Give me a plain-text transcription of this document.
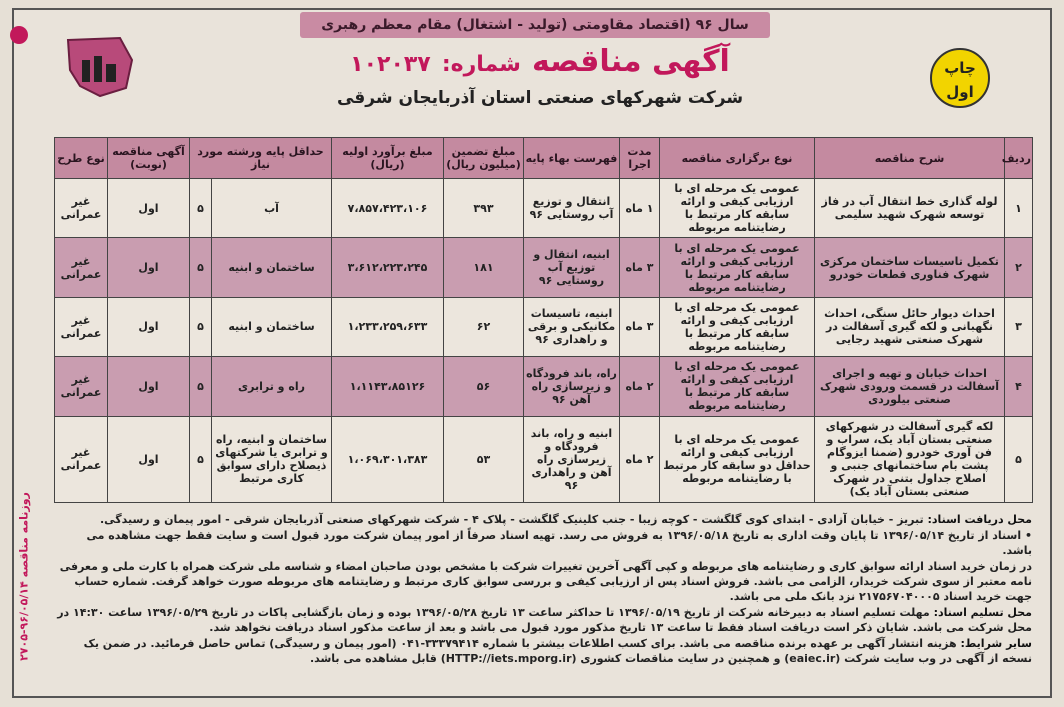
سال ۹۶ (اقتصاد مقاومتی (تولید - اشتغال) مقام معظم رهبری
آگهی مناقصه شماره: ۱۰۲۰۳۷
شرکت شهرکهای صنعتی استان آذربایجان شرقی
چاپ
اول
ردیف	شرح مناقصه	نوع برگزاری مناقصه	مدت اجرا	فهرست بهاء پایه	مبلغ تضمین (میلیون ریال)	مبلغ برآورد اولیه (ریال)	حداقل پایه ورشته مورد نیاز		آگهی مناقصه (نوبت)	نوع طرح
۱	لوله گذاری خط انتقال آب در فاز توسعه شهرک شهید سلیمی	عمومی یک مرحله ای با ارزیابی کیفی و ارائه سابقه کار مرتبط با رضایتنامه مربوطه	۱ ماه	انتقال و توزیع آب روستایی ۹۶	۳۹۳	۷،۸۵۷،۴۲۳،۱۰۶	آب	۵	اول	غیر عمرانی
۲	تکمیل تاسیسات ساختمان مرکزی شهرک فناوری قطعات خودرو	عمومی یک مرحله ای با ارزیابی کیفی و ارائه سابقه کار مرتبط با رضایتنامه مربوطه	۳ ماه	ابنیه، انتقال و توزیع آب روستایی ۹۶	۱۸۱	۳،۶۱۲،۲۲۳،۲۴۵	ساختمان و ابنیه	۵	اول	غیر عمرانی
۳	احداث دیوار حائل سنگی، احداث نگهبانی و لکه گیری آسفالت در شهرک صنعتی شهید رجایی	عمومی یک مرحله ای با ارزیابی کیفی و ارائه سابقه کار مرتبط با رضایتنامه مربوطه	۳ ماه	ابنیه، تاسیسات مکانیکی و برقی و راهداری ۹۶	۶۲	۱،۲۳۳،۲۵۹،۶۳۳	ساختمان و ابنیه	۵	اول	غیر عمرانی
۴	احداث خیابان و تهیه و اجرای آسفالت در قسمت ورودی شهرک صنعتی بیلوردی	عمومی یک مرحله ای با ارزیابی کیفی و ارائه سابقه کار مرتبط با رضایتنامه مربوطه	۲ ماه	راه، باند فرودگاه و زیرسازی راه آهن ۹۶	۵۶	۱،۱۱۴۳،۸۵۱۲۶	راه و ترابری	۵	اول	غیر عمرانی
۵	لکه گیری آسفالت در شهرکهای صنعتی بستان آباد یک، سراب و فن آوری خودرو (ضمنا ایزوگام پشت بام ساختمانهای جنبی و اصلاح جداول بتنی در شهرک صنعتی بستان آباد یک)	عمومی یک مرحله ای با ارزیابی کیفی و ارائه حداقل دو سابقه کار مرتبط با رضایتنامه مربوطه	۲ ماه	ابنیه و راه، باند فرودگاه و زیرسازی راه آهن و راهداری ۹۶	۵۳	۱،۰۶۹،۳۰۱،۳۸۳	ساختمان و ابنیه، راه و ترابری یا شرکتهای ذیصلاح دارای سوابق کاری مرتبط	۵	اول	غیر عمرانی

محل دریافت اسناد: تبریز - خیابان آزادی - ابتدای کوی گلگشت - کوچه زیبا - جنب کلینیک گلگشت - پلاک ۴ - شرکت شهرکهای صنعتی آذربایجان شرقی - امور پیمان و رسیدگی.

• اسناد از تاریخ ۱۳۹۶/۰۵/۱۴ تا پایان وقت اداری به تاریخ ۱۳۹۶/۰۵/۱۸ به فروش می رسد. تهیه اسناد صرفاً از امور پیمان شرکت مورد قبول است و سایت فقط جهت مشاهده می باشد.

در زمان خرید اسناد ارائه سوابق کاری و رضایتنامه های مربوطه و کپی آگهی آخرین تغییرات شرکت با مشخص بودن صاحبان امضاء و شناسه ملی شرکت همراه با کارت ملی و معرفی نامه معتبر از سوی شرکت خریدار، الزامی می باشد. فروش اسناد پس از ارزیابی کیفی و بررسی سوابق کاری مرتبط و رضایتنامه های مربوطه صورت خواهد گرفت. شماره حساب جهت خرید اسناد ۲۱۷۵۶۷۰۴۰۰۰۵ نزد بانک ملی می باشد.

محل تسلیم اسناد: مهلت تسلیم اسناد به دبیرخانه شرکت از تاریخ ۱۳۹۶/۰۵/۱۹ تا حداکثر ساعت ۱۳ تاریخ ۱۳۹۶/۰۵/۲۸ بوده و زمان بازگشایی پاکات در تاریخ ۱۳۹۶/۰۵/۲۹ ساعت ۱۴:۳۰ در محل شرکت می باشد. شایان ذکر است دریافت اسناد فقط تا ساعت ۱۳ تاریخ مذکور مورد قبول می باشد و بعد از ساعت مذکور اسناد دریافت نخواهد شد.

سایر شرایط: هزینه انتشار آگهی بر عهده برنده مناقصه می باشد. برای کسب اطلاعات بیشتر با شماره ۳۳۳۷۹۴۱۴-۰۴۱ (امور پیمان و رسیدگی) تماس حاصل فرمائید. در ضمن یک نسخه از آگهی در وب سایت شرکت (eaiec.ir) و همچنین در سایت مناقصات کشوری (HTTP://iets.mporg.ir) قابل مشاهده می باشد.

روزنامه مناقصه ۹۶/۰۵/۱۴-۲۷۰۵
